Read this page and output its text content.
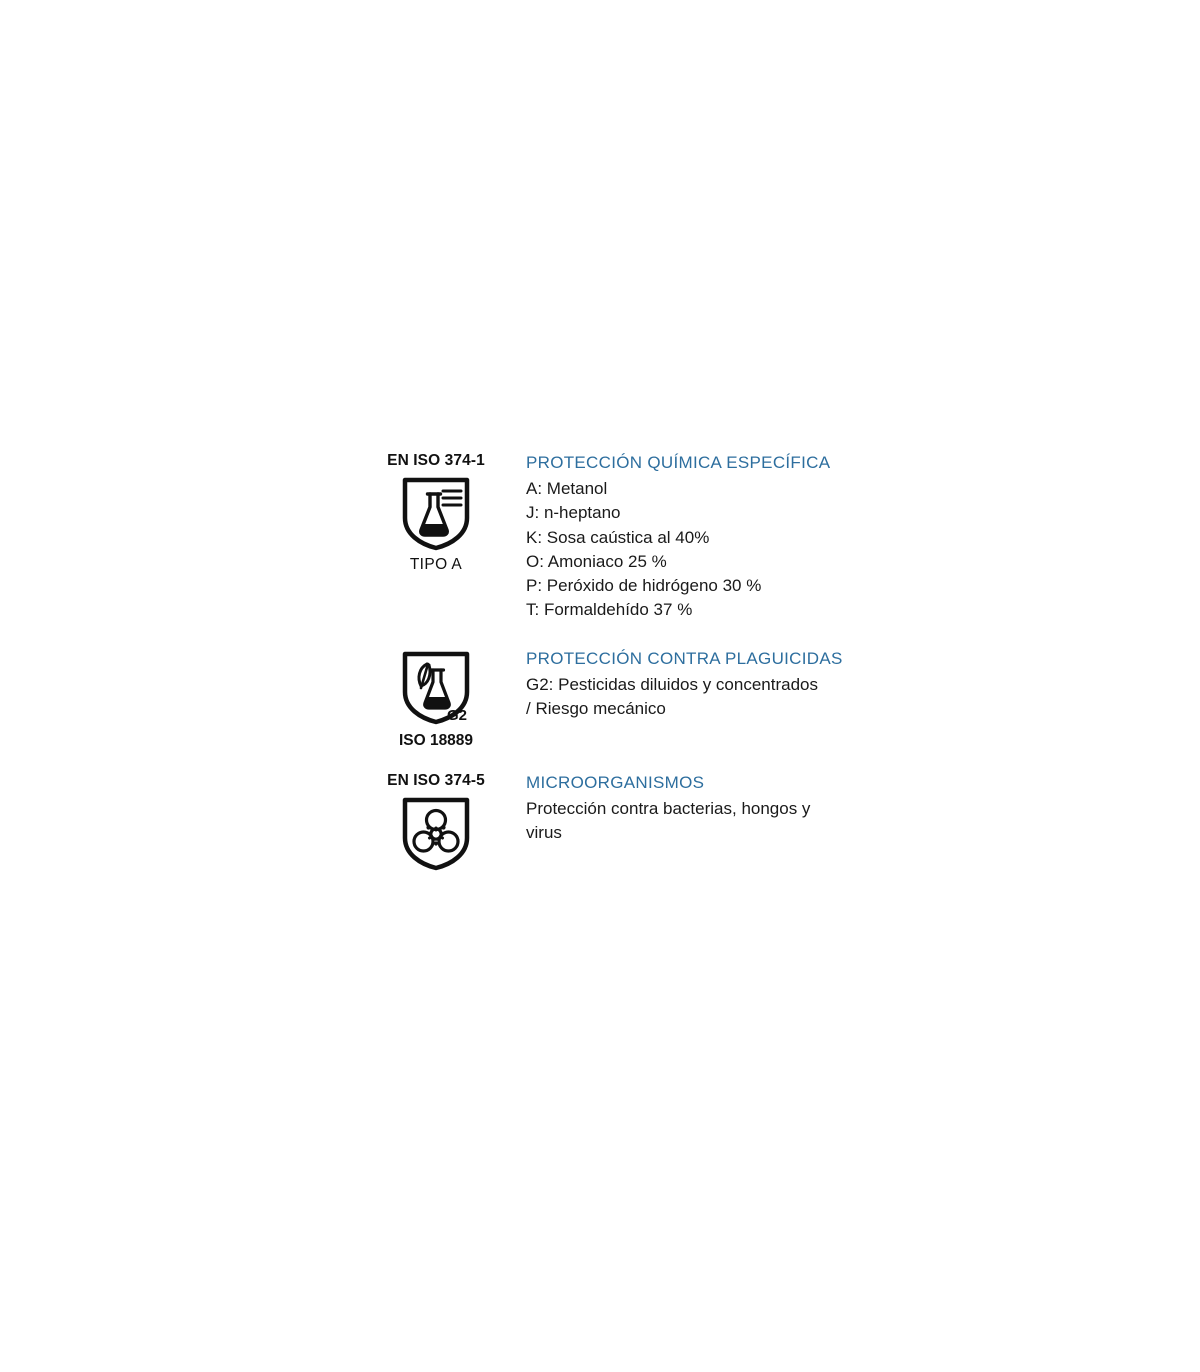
EN ISO 374-1
TIPO A
PROTECCIÓN QUÍMICA ESPECÍFICA
A: Metanol
J: n-heptano
K: Sosa caústica al 40%
O: Amoniaco 25 %
P: Peróxido de hidrógeno 30 %
T: Formaldehído 37 %
G2
ISO 18889
PROTECCIÓN CONTRA PLAGUICIDAS
G2: Pesticidas diluidos y concentrados
/ Riesgo mecánico
EN ISO 374-5 MICROORGANISMOS
Protección contra bacterias, hongos y
virus
